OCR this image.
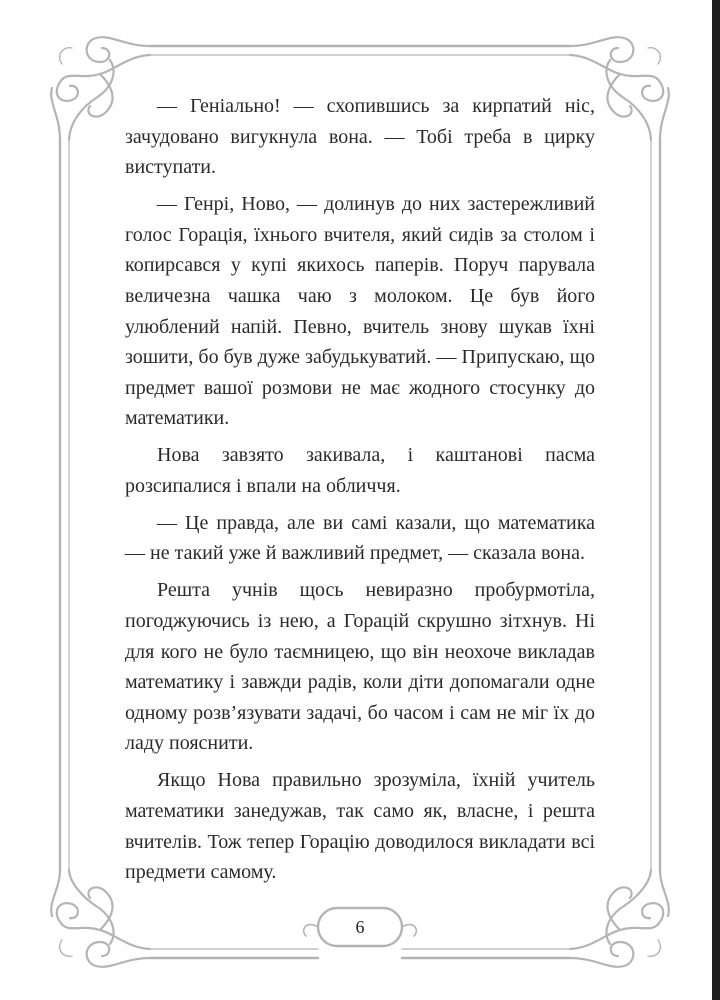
— Геніально! — схопившись за кирпатий ніс, зачудовано вигукнула вона. — Тобі треба в цирку виступати.

— Генрі, Ново, — долинув до них застережливий голос Горація, їхнього вчителя, який сидів за столом і копирсався у купі якихось паперів. Поруч парувала величезна чашка чаю з молоком. Це був його улюблений напій. Певно, вчитель знову шукав їхні зошити, бо був дуже забудькуватий. — Припускаю, що предмет вашої розмови не має жодного стосунку до математики.

Нова завзято закивала, і каштанові пасма розсипалися і впали на обличчя.

— Це правда, але ви самі казали, що математика — не такий уже й важливий предмет, — сказала вона.

Решта учнів щось невиразно пробурмотіла, погоджуючись із нею, а Горацій скрушно зітхнув. Ні для кого не було таємницею, що він неохоче викладав математику і завжди радів, коли діти допомагали одне одному розв’язувати задачі, бо часом і сам не міг їх до ладу пояснити.

Якщо Нова правильно зрозуміла, їхній учитель математики занедужав, так само як, власне, і решта вчителів. Тож тепер Горацію доводилося викладати всі предмети самому.

6
